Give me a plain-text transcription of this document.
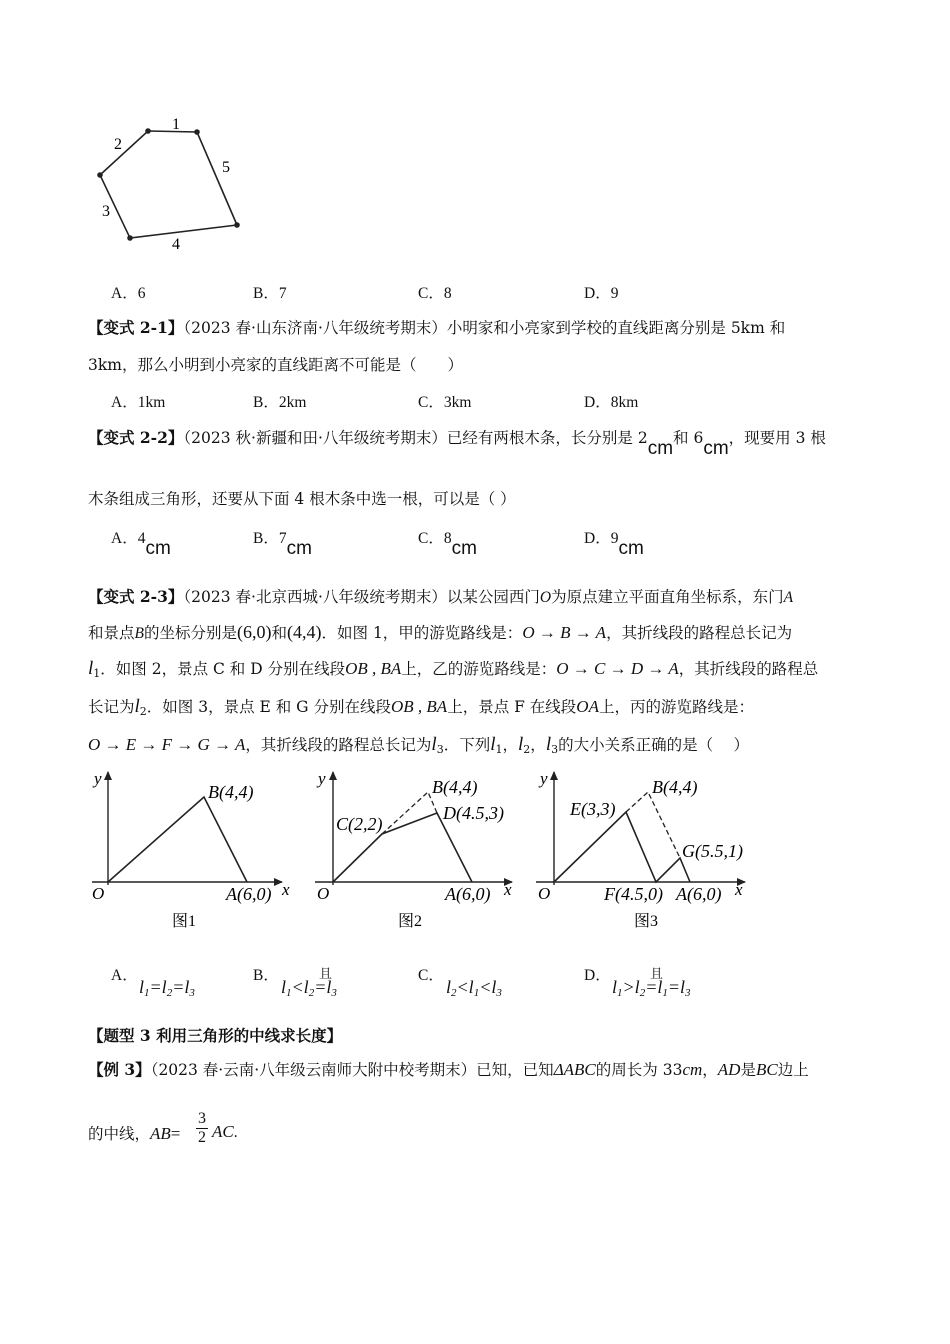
1
2
3
4
5
A．6	B．7	C．8	D．9
【变式 2-1】（2023 春·山东济南·八年级统考期末）小明家和小亮家到学校的直线距离分别是 5km 和
3km，那么小明到小亮家的直线距离不可能是（　　）
A．1km	B．2km	C．3km	D．8km
【变式 2-2】（2023 秋·新疆和田·八年级统考期末）已经有两根木条，长分别是 2cm和 6cm，现要用 3 根
木条组成三角形，还要从下面 4 根木条中选一根，可以是（ ）
A．4cm	B．7cm	C．8cm	D．9cm
【变式 2-3】（2023 春·北京西城·八年级统考期末）以某公园西门O为原点建立平面直角坐标系，东门A
和景点B的坐标分别是(6,0)和(4,4)．如图 1，甲的游览路线是：O → B → A，其折线段的路程总长记为
$l_1$．如图 2，景点 C 和 D 分别在线段OB , BA上，乙的游览路线是：O → C → D → A，其折线段的路程总
长记为$l_2$．如图 3，景点 E 和 G 分别在线段OB , BA上，景点 F 在线段OA上，丙的游览路线是：
O → E → F → G → A，其折线段的路程总长记为$l_3$．下列$l_1$，$l_2$，$l_3$的大小关系正确的是（　 ）
y
x
O
B(4,4)
A(6,0)
图1
y
x
O
B(4,4)
C(2,2)
D(4.5,3)
A(6,0)
图2
y
x
O
B(4,4)
E(3,3)
G(5.5,1)
F(4.5,0) A(6,0)
图3
A．
$l_1=l_2=l_3$
B．
$l_1<l_2=l_3$
且	C．
$l_2<l_1<l_3$
D．
$l_1>l_2=l_1=l_3$
且
【题型 3 利用三角形的中线求长度】
【例 3】（2023 春·云南·八年级云南师大附中校考期末）已知，已知ΔABC的周长为 33cm，AD是BC边上
的中线，AB=
3
2 AC.
